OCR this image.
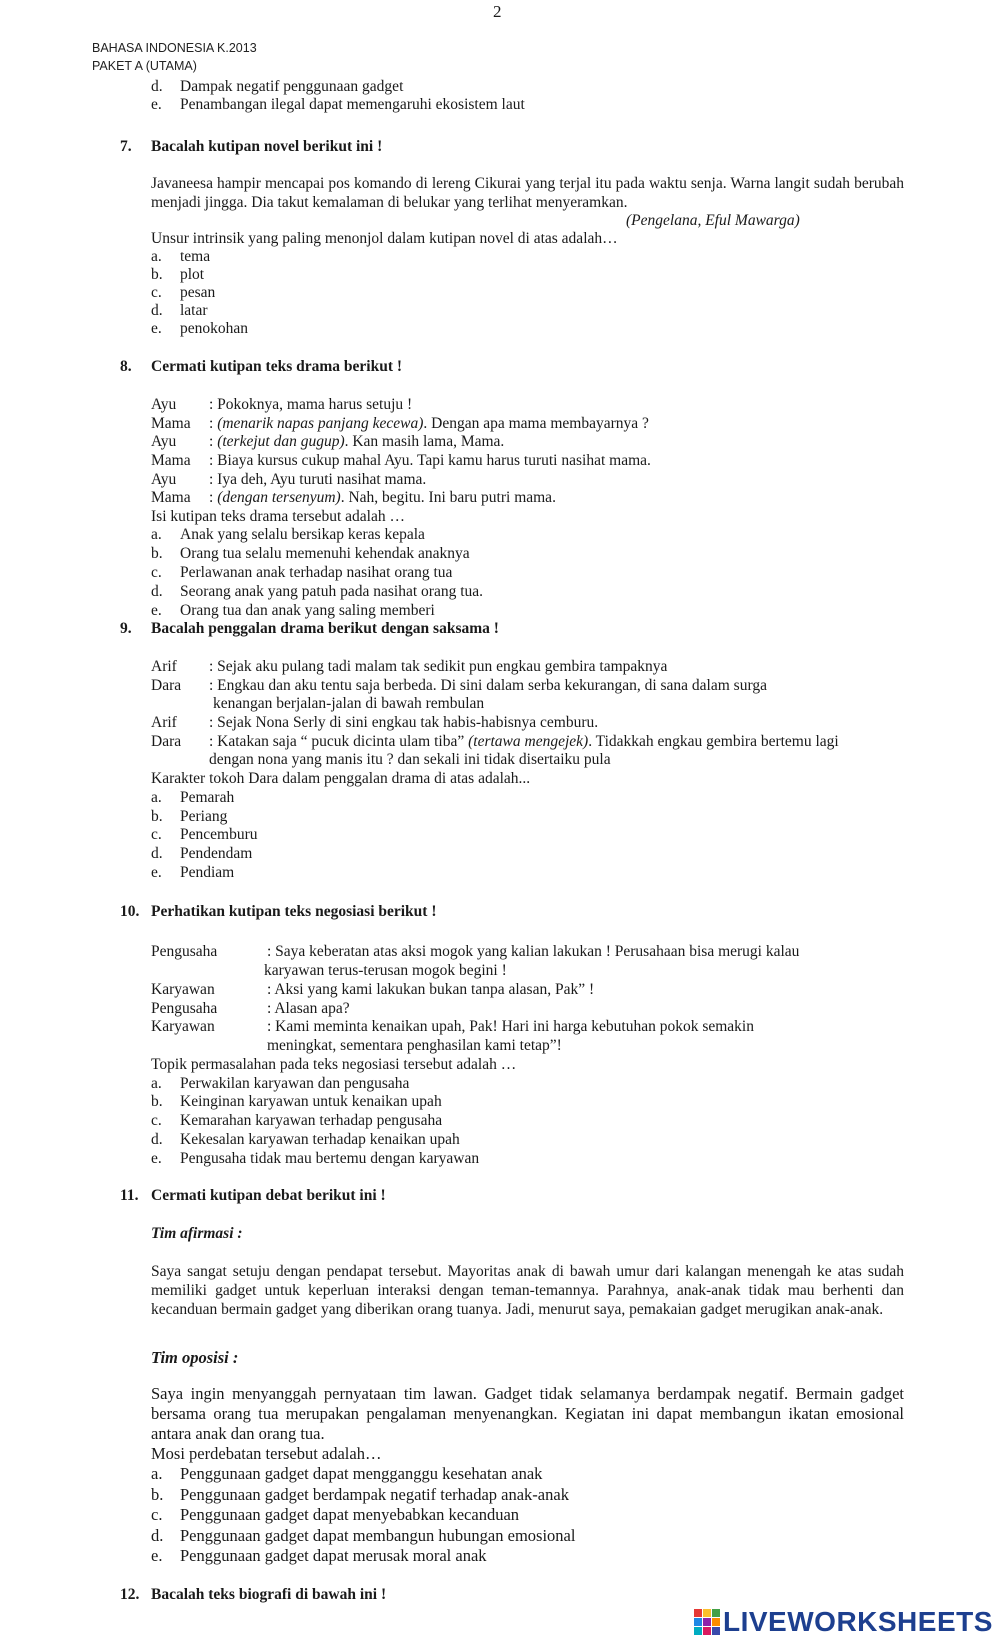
2
BAHASA INDONESIA K.2013
PAKET A (UTAMA)
d. Dampak negatif penggunaan gadget
e. Penambangan ilegal dapat memengaruhi ekosistem laut
7. Bacalah kutipan novel berikut ini !
Javaneesa hampir mencapai pos komando di lereng Cikurai yang terjal itu pada waktu senja. Warna langit sudah berubah menjadi jingga. Dia takut kemalaman di belukar yang terlihat menyeramkan.
(Pengelana, Eful Mawarga)
Unsur intrinsik yang paling menonjol dalam kutipan novel di atas adalah…
a. tema
b. plot
c. pesan
d. latar
e. penokohan
8. Cermati kutipan teks drama berikut !
Ayu : Pokoknya, mama harus setuju !
Mama : (menarik napas panjang kecewa). Dengan apa mama membayarnya ?
Ayu : (terkejut dan gugup). Kan masih lama, Mama.
Mama : Biaya kursus cukup mahal Ayu. Tapi kamu harus turuti nasihat mama.
Ayu : Iya deh, Ayu turuti nasihat mama.
Mama : (dengan tersenyum). Nah, begitu. Ini baru putri mama.
Isi kutipan teks drama tersebut adalah …
a. Anak yang selalu bersikap keras kepala
b. Orang tua selalu memenuhi kehendak anaknya
c. Perlawanan anak terhadap nasihat orang tua
d. Seorang anak yang patuh pada nasihat orang tua.
e. Orang tua dan anak yang saling memberi
9. Bacalah penggalan drama berikut dengan saksama !
Arif : Sejak aku pulang tadi malam tak sedikit pun engkau gembira tampaknya
Dara : Engkau dan aku tentu saja berbeda. Di sini dalam serba kekurangan, di sana dalam surga
kenangan berjalan-jalan di bawah rembulan
Arif : Sejak Nona Serly di sini engkau tak habis-habisnya cemburu.
Dara : Katakan saja “ pucuk dicinta ulam tiba” (tertawa mengejek). Tidakkah engkau gembira bertemu lagi
dengan nona yang manis itu ? dan sekali ini tidak disertaiku pula
Karakter tokoh Dara dalam penggalan drama di atas adalah...
a. Pemarah
b. Periang
c. Pencemburu
d. Pendendam
e. Pendiam
10. Perhatikan kutipan teks negosiasi berikut !
Pengusaha	: Saya keberatan atas aksi mogok yang kalian lakukan ! Perusahaan bisa merugi kalau
karyawan terus-terusan mogok begini !
Karyawan	: Aksi yang kami lakukan bukan tanpa alasan, Pak” !
Pengusaha	: Alasan apa?
Karyawan	: Kami meminta kenaikan upah, Pak! Hari ini harga kebutuhan pokok semakin
meningkat, sementara penghasilan kami tetap”!
Topik permasalahan pada teks negosiasi tersebut adalah …
a. Perwakilan karyawan dan pengusaha
b. Keinginan karyawan untuk kenaikan upah
c. Kemarahan karyawan terhadap pengusaha
d. Kekesalan karyawan terhadap kenaikan upah
e. Pengusaha tidak mau bertemu dengan karyawan
11. Cermati kutipan debat berikut ini !
Tim afirmasi :
Saya sangat setuju dengan pendapat tersebut. Mayoritas anak di bawah umur dari kalangan menengah ke atas sudah memiliki gadget untuk keperluan interaksi dengan teman-temannya. Parahnya, anak-anak tidak mau berhenti dan kecanduan bermain gadget yang diberikan orang tuanya. Jadi, menurut saya, pemakaian gadget merugikan anak-anak.
Tim oposisi :
Saya ingin menyanggah pernyataan tim lawan. Gadget tidak selamanya berdampak negatif. Bermain gadget bersama orang tua merupakan pengalaman menyenangkan. Kegiatan ini dapat membangun ikatan emosional antara anak dan orang tua.
Mosi perdebatan tersebut adalah…
a. Penggunaan gadget dapat mengganggu kesehatan anak
b. Penggunaan gadget berdampak negatif terhadap anak-anak
c. Penggunaan gadget dapat menyebabkan kecanduan
d. Penggunaan gadget dapat membangun hubungan emosional
e. Penggunaan gadget dapat merusak moral anak
12. Bacalah teks biografi di bawah ini !
LIVEWORKSHEETS
